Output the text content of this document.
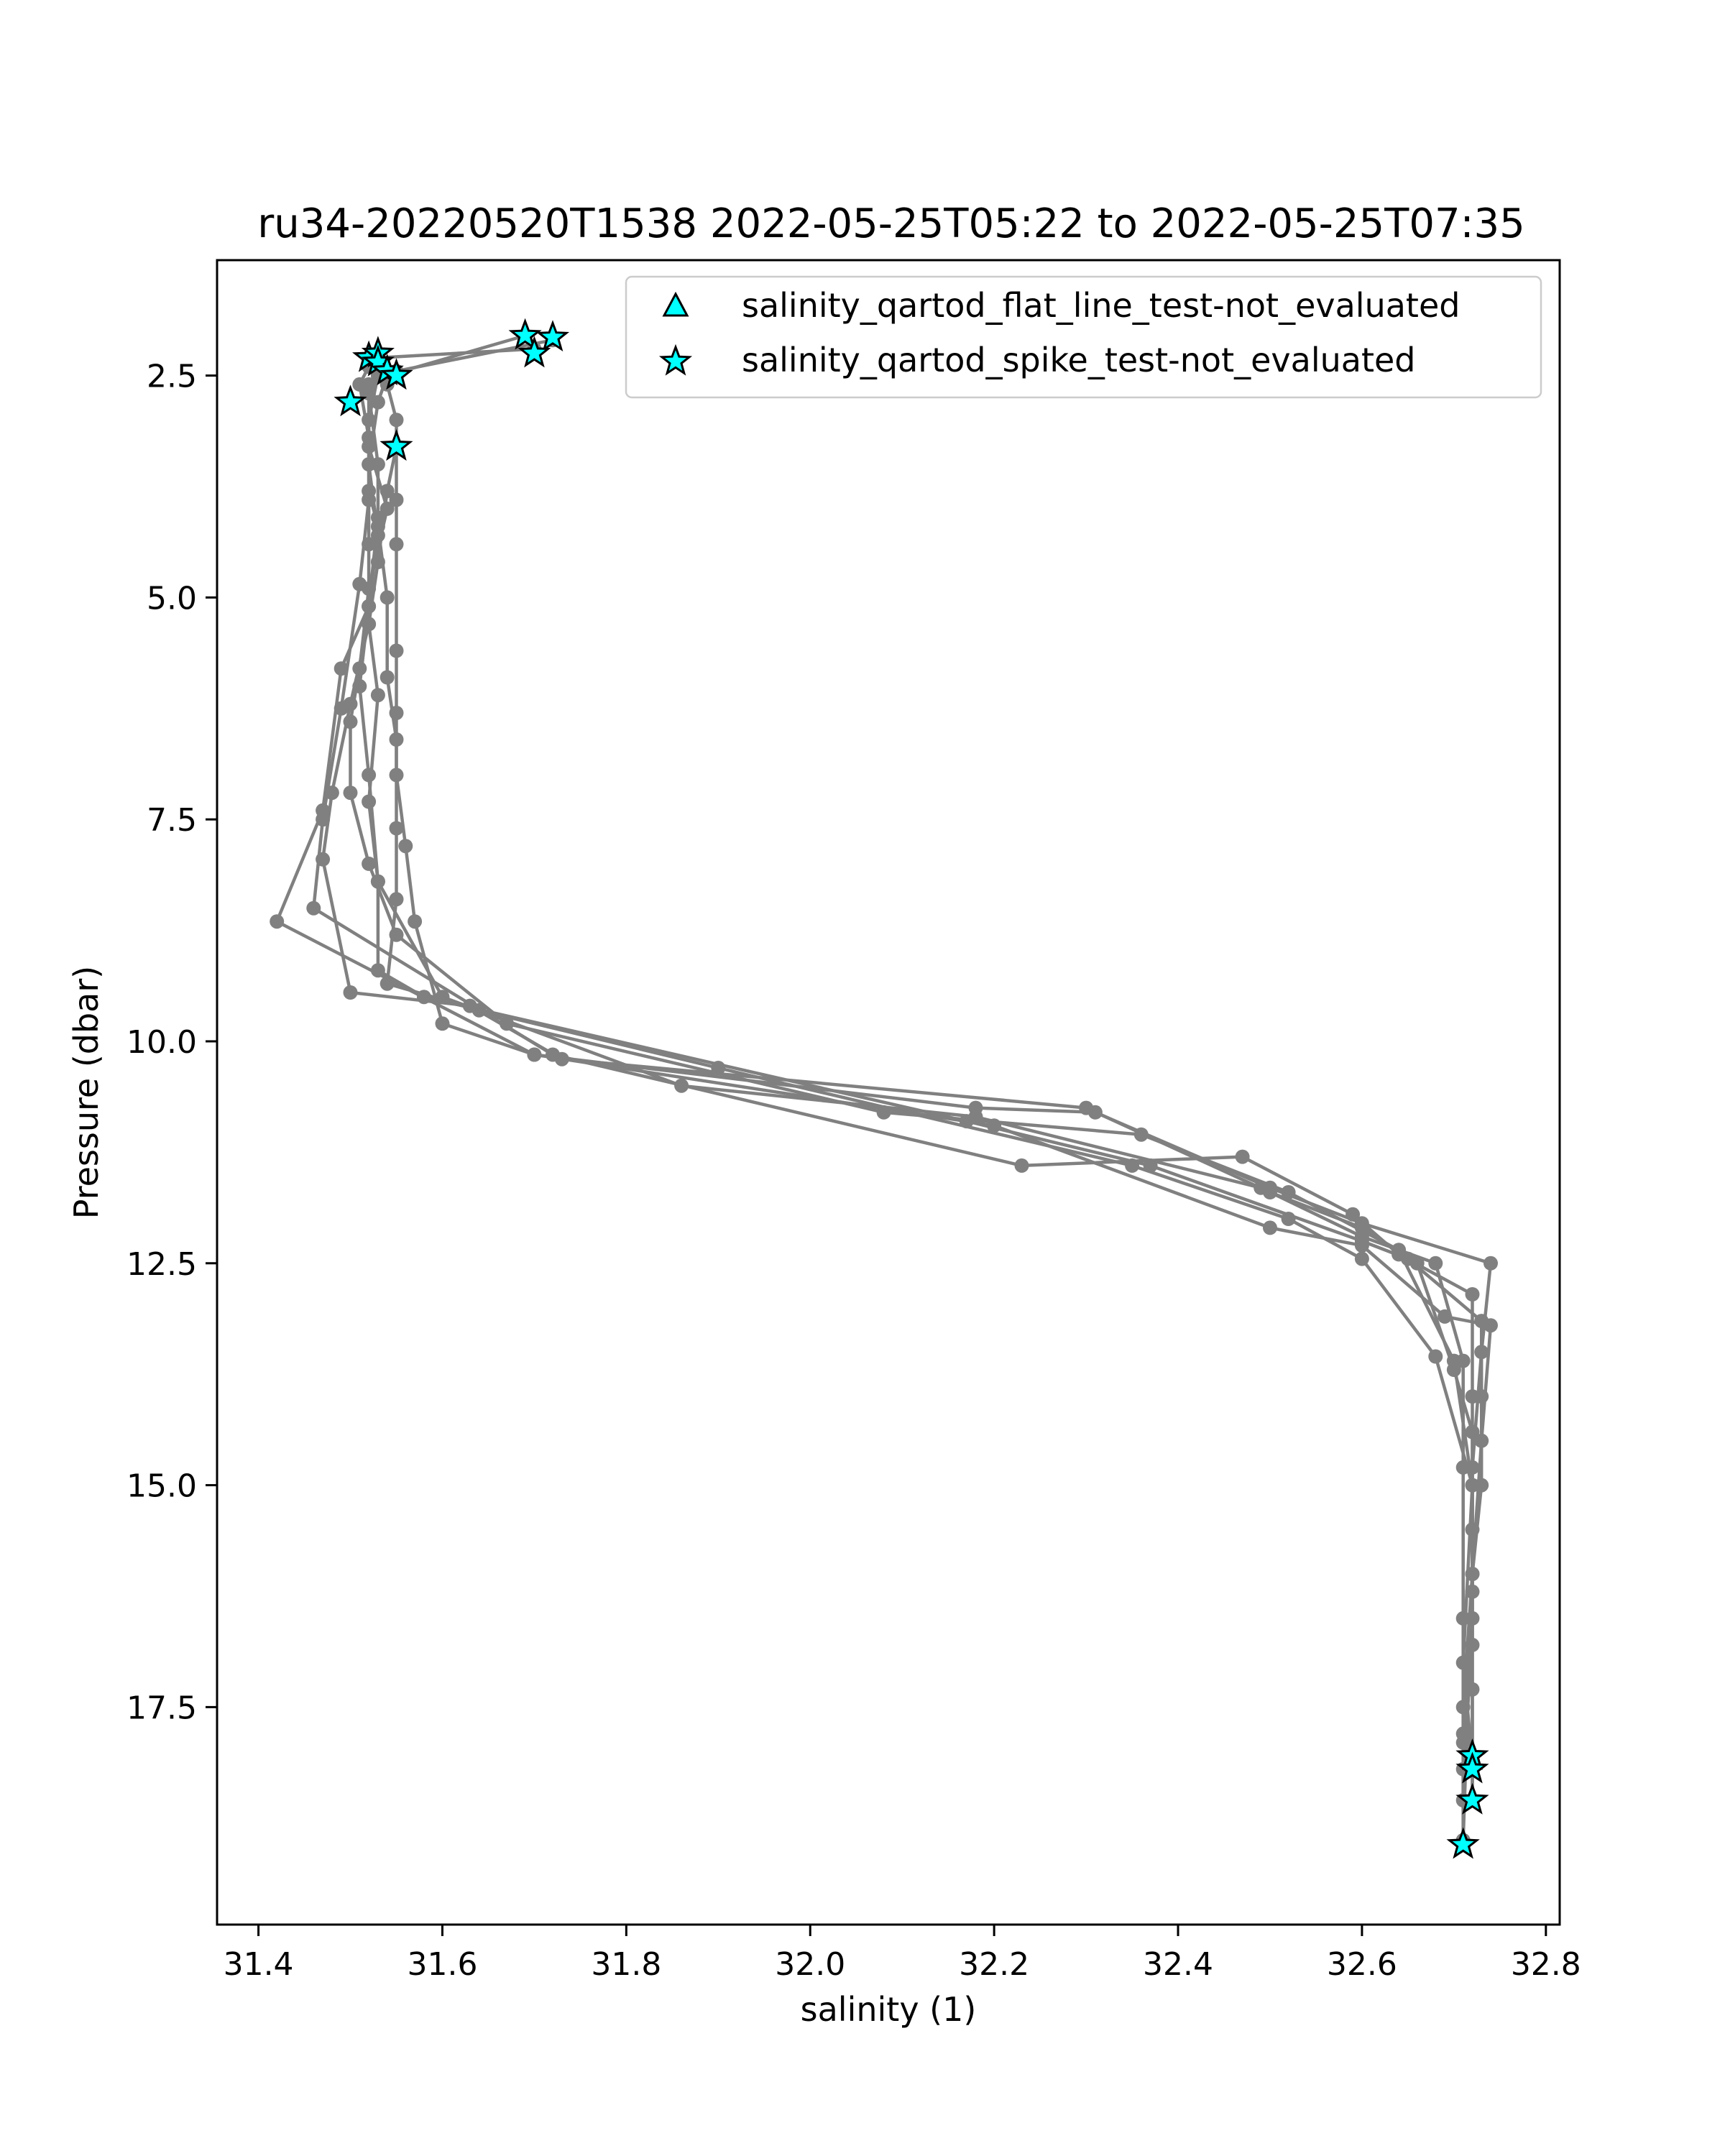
ru34-20220520T1538 2022-05-25T05:22 to 2022-05-25T07:35
31.4	31.6	31.8	32.0	32.2	32.4	32.6	32.8
2.5
5.0
7.5
10.0
12.5
15.0
17.5
salinity (1)
Pressure (dbar)
salinity_qartod_flat_line_test-not_evaluated
salinity_qartod_spike_test-not_evaluated
